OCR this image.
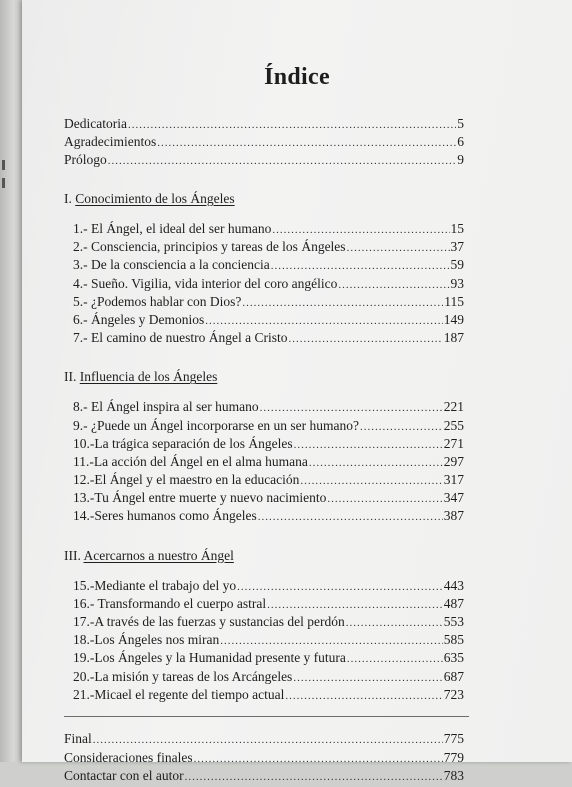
Índice
Dedicatoria .....	5
Agradecimientos .....	6
Prólogo .....	9
I. Conocimiento de los Ángeles
1.- El Ángel, el ideal del ser humano .....	15
2.- Consciencia, principios y tareas de los Ángeles .....	37
3.- De la consciencia a la conciencia .....	59
4.- Sueño. Vigilia, vida interior del coro angélico .....	93
5.- ¿Podemos hablar con Dios? .....	115
6.- Ángeles y Demonios .....	149
7.- El camino de nuestro Ángel a Cristo .....	187
II. Influencia de los Ángeles
8.- El Ángel inspira al ser humano .....	221
9.- ¿Puede un Ángel incorporarse en un ser humano? .....	255
10.-La trágica separación de los Ángeles .....	271
11.-La acción del Ángel en el alma humana .....	297
12.-El Ángel y el maestro en la educación .....	317
13.-Tu Ángel entre muerte y nuevo nacimiento .....	347
14.-Seres humanos como Ángeles .....	387
III. Acercarnos a nuestro Ángel
15.-Mediante el trabajo del yo .....	443
16.- Transformando el cuerpo astral .....	487
17.-A través de las fuerzas y sustancias del perdón .....	553
18.-Los Ángeles nos miran .....	585
19.-Los Ángeles y la Humanidad presente y futura .....	635
20.-La misión y tareas de los Arcángeles .....	687
21.-Micael el regente del tiempo actual .....	723
Final .....	775
Consideraciones finales .....	779
Contactar con el autor .....	783
